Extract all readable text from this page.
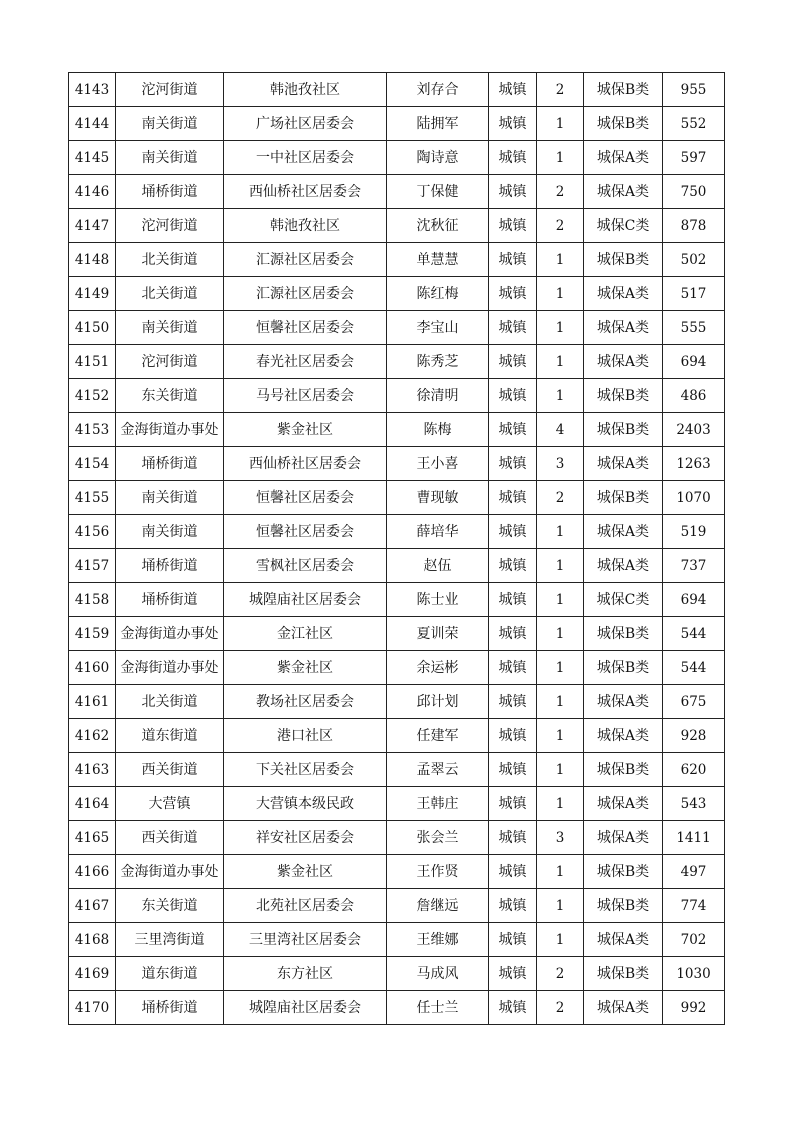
4143	沱河街道	韩池孜社区	刘存合	城镇	2	城保B类	955
4144	南关街道	广场社区居委会	陆拥军	城镇	1	城保B类	552
4145	南关街道	一中社区居委会	陶诗意	城镇	1	城保A类	597
4146	埇桥街道	西仙桥社区居委会	丁保健	城镇	2	城保A类	750
4147	沱河街道	韩池孜社区	沈秋征	城镇	2	城保C类	878
4148	北关街道	汇源社区居委会	单慧慧	城镇	1	城保B类	502
4149	北关街道	汇源社区居委会	陈红梅	城镇	1	城保A类	517
4150	南关街道	恒馨社区居委会	李宝山	城镇	1	城保A类	555
4151	沱河街道	春光社区居委会	陈秀芝	城镇	1	城保A类	694
4152	东关街道	马号社区居委会	徐清明	城镇	1	城保B类	486
4153	金海街道办事处	紫金社区	陈梅	城镇	4	城保B类	2403
4154	埇桥街道	西仙桥社区居委会	王小喜	城镇	3	城保A类	1263
4155	南关街道	恒馨社区居委会	曹现敏	城镇	2	城保B类	1070
4156	南关街道	恒馨社区居委会	薛培华	城镇	1	城保A类	519
4157	埇桥街道	雪枫社区居委会	赵伍	城镇	1	城保A类	737
4158	埇桥街道	城隍庙社区居委会	陈士业	城镇	1	城保C类	694
4159	金海街道办事处	金江社区	夏训荣	城镇	1	城保B类	544
4160	金海街道办事处	紫金社区	余运彬	城镇	1	城保B类	544
4161	北关街道	教场社区居委会	邱计划	城镇	1	城保A类	675
4162	道东街道	港口社区	任建军	城镇	1	城保A类	928
4163	西关街道	下关社区居委会	孟翠云	城镇	1	城保B类	620
4164	大营镇	大营镇本级民政	王韩庄	城镇	1	城保A类	543
4165	西关街道	祥安社区居委会	张会兰	城镇	3	城保A类	1411
4166	金海街道办事处	紫金社区	王作贤	城镇	1	城保B类	497
4167	东关街道	北苑社区居委会	詹继远	城镇	1	城保B类	774
4168	三里湾街道	三里湾社区居委会	王维娜	城镇	1	城保A类	702
4169	道东街道	东方社区	马成风	城镇	2	城保B类	1030
4170	埇桥街道	城隍庙社区居委会	任士兰	城镇	2	城保A类	992
